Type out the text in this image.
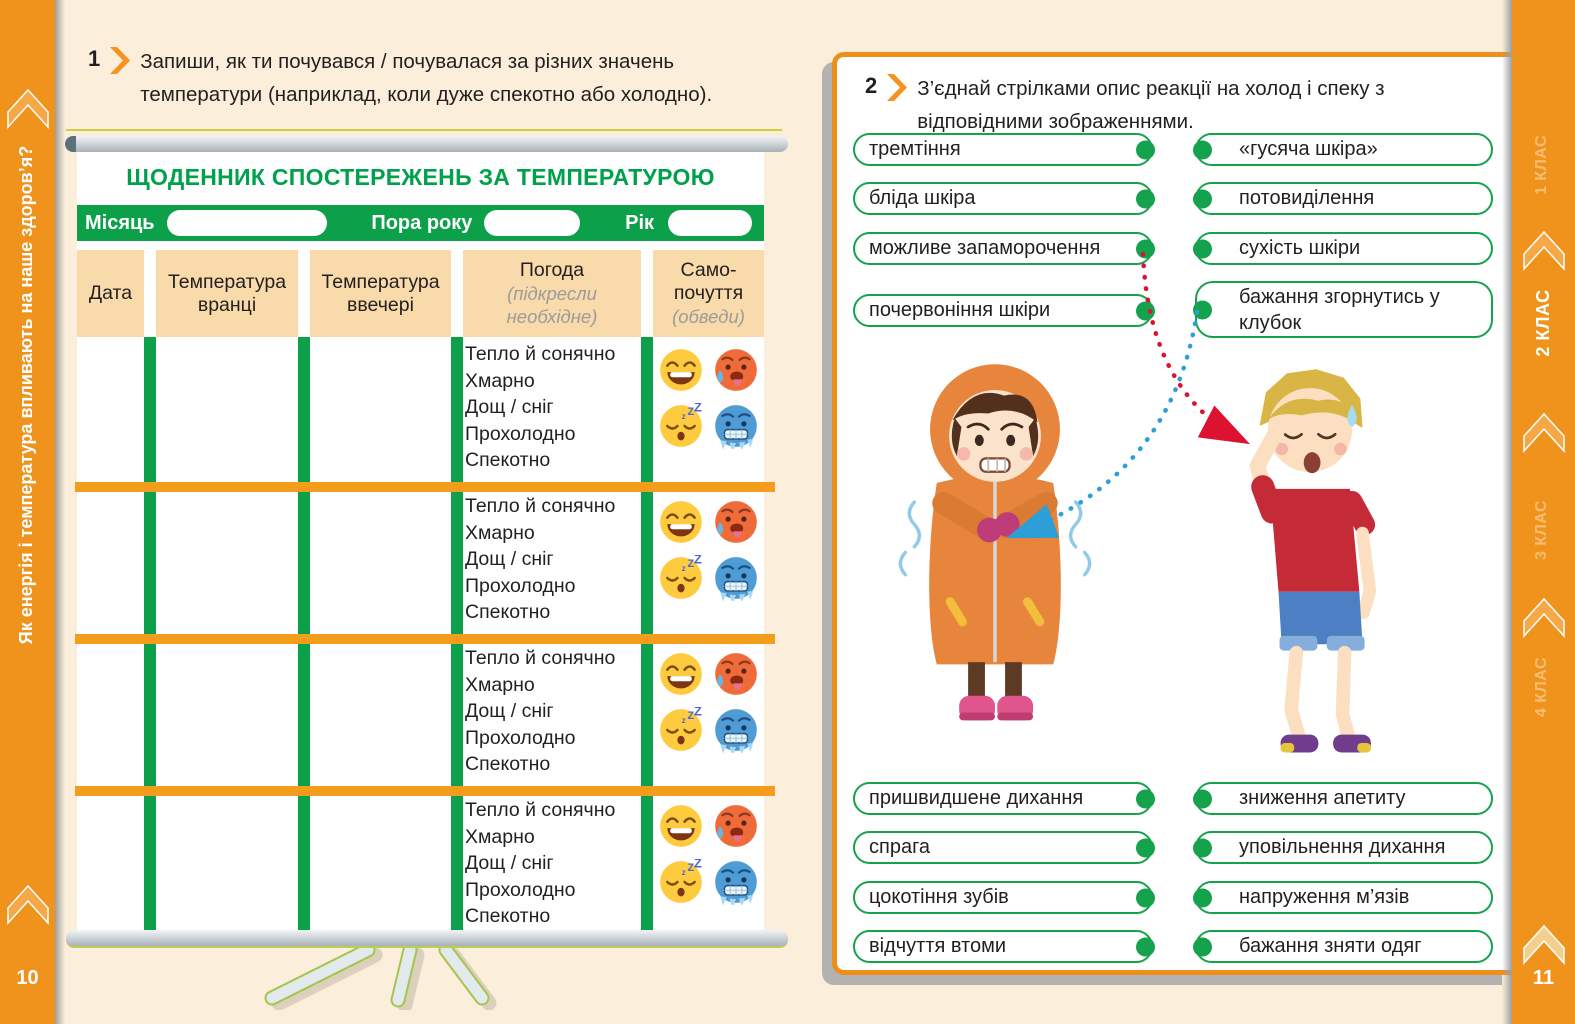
Як енергія і температура впливають на наше здоров’я?
10
1 Запиши, як ти почувався / почувалася за різних значень температури (наприклад, коли дуже спекотно або холодно).

ЩОДЕННИК СПОСТЕРЕЖЕНЬ ЗА ТЕМПЕРАТУРОЮ
Місяць	Пора року	Рік
Дата
Температура вранці
Температура ввечері
Погода
(підкресли необхідне)
Само-почуття
(обведи)
Тепло й сонячно
Хмарно
Дощ / сніг
Прохолодно
Спекотно
Тепло й сонячно
Хмарно
Дощ / сніг
Прохолодно
Спекотно
Тепло й сонячно
Хмарно
Дощ / сніг
Прохолодно
Спекотно
Тепло й сонячно
Хмарно
Дощ / сніг
Прохолодно
Спекотно
2 З’єднай стрілками опис реакції на холод і спеку з відповідними зображеннями.

тремтіння
бліда шкіра
можливе запаморочення
почервоніння шкіри
«гусяча шкіра»
потовиділення
сухість шкіри
бажання згорнутись у клубок
пришвидшене дихання
спрага
цокотіння зубів
відчуття втоми
зниження апетиту
уповільнення дихання
напруження м’язів
бажання зняти одяг
1 КЛАС
2 КЛАС
3 КЛАС
4 КЛАС
11
